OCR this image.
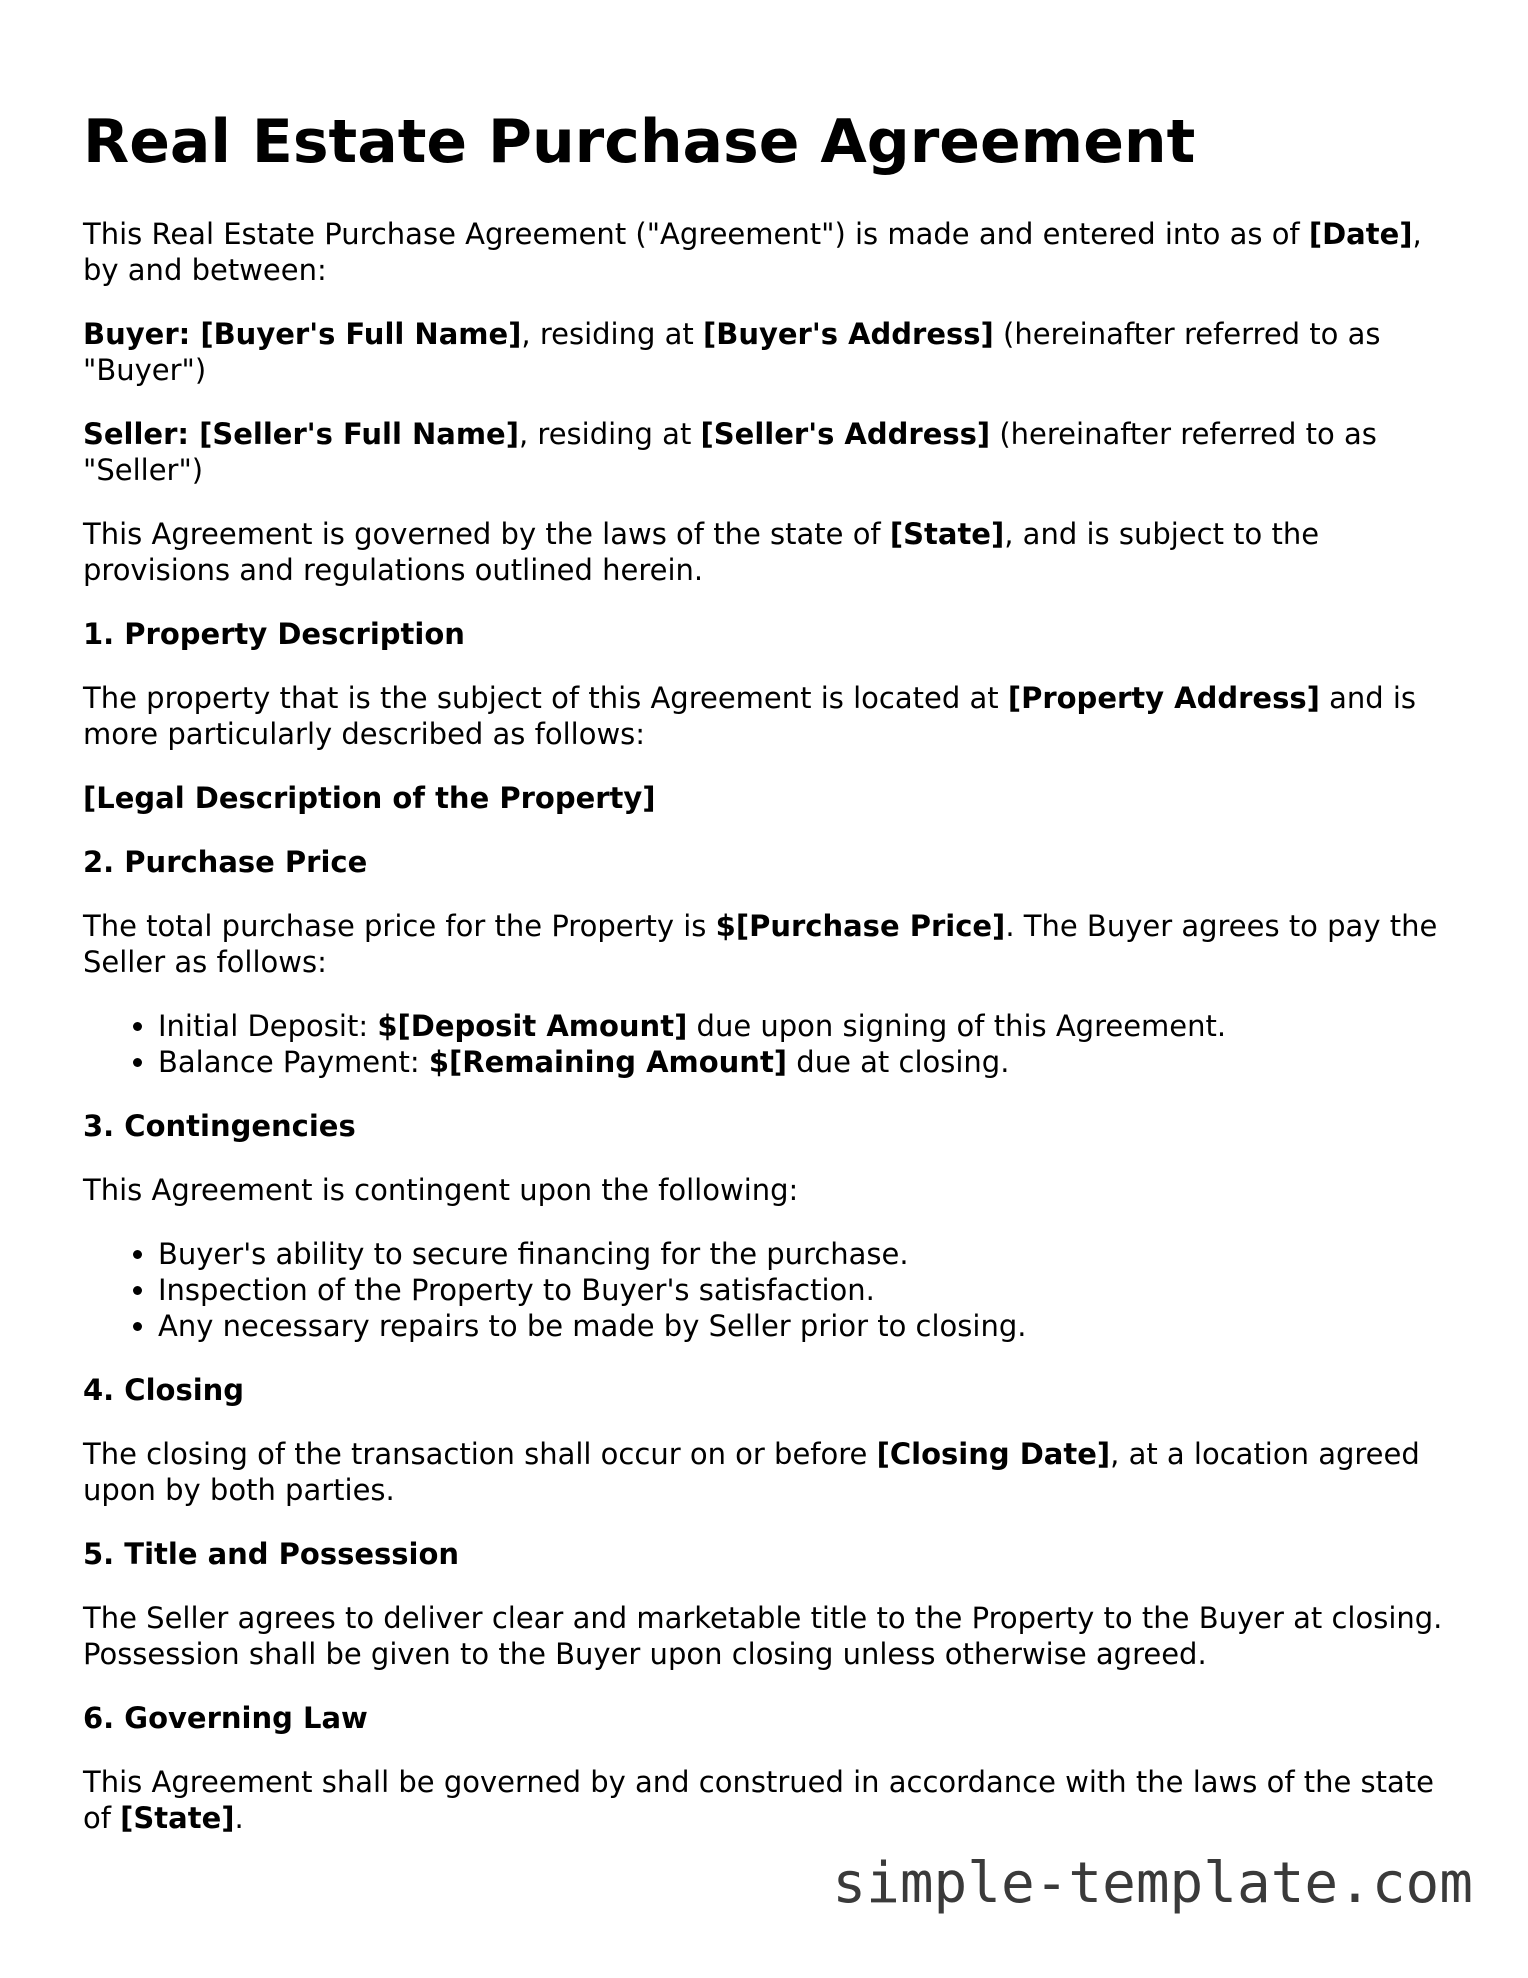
Real Estate Purchase Agreement

This Real Estate Purchase Agreement ("Agreement") is made and entered into as of [Date], by and between:

Buyer: [Buyer's Full Name], residing at [Buyer's Address] (hereinafter referred to as "Buyer")

Seller: [Seller's Full Name], residing at [Seller's Address] (hereinafter referred to as "Seller")

This Agreement is governed by the laws of the state of [State], and is subject to the provisions and regulations outlined herein.

1. Property Description

The property that is the subject of this Agreement is located at [Property Address] and is more particularly described as follows:

[Legal Description of the Property]

2. Purchase Price

The total purchase price for the Property is $[Purchase Price]. The Buyer agrees to pay the Seller as follows:

• Initial Deposit: $[Deposit Amount] due upon signing of this Agreement.
• Balance Payment: $[Remaining Amount] due at closing.
3. Contingencies

This Agreement is contingent upon the following:

• Buyer's ability to secure financing for the purchase.
• Inspection of the Property to Buyer's satisfaction.
• Any necessary repairs to be made by Seller prior to closing.
4. Closing

The closing of the transaction shall occur on or before [Closing Date], at a location agreed upon by both parties.

5. Title and Possession

The Seller agrees to deliver clear and marketable title to the Property to the Buyer at closing. Possession shall be given to the Buyer upon closing unless otherwise agreed.

6. Governing Law

This Agreement shall be governed by and construed in accordance with the laws of the state of [State].

simple-template.com
